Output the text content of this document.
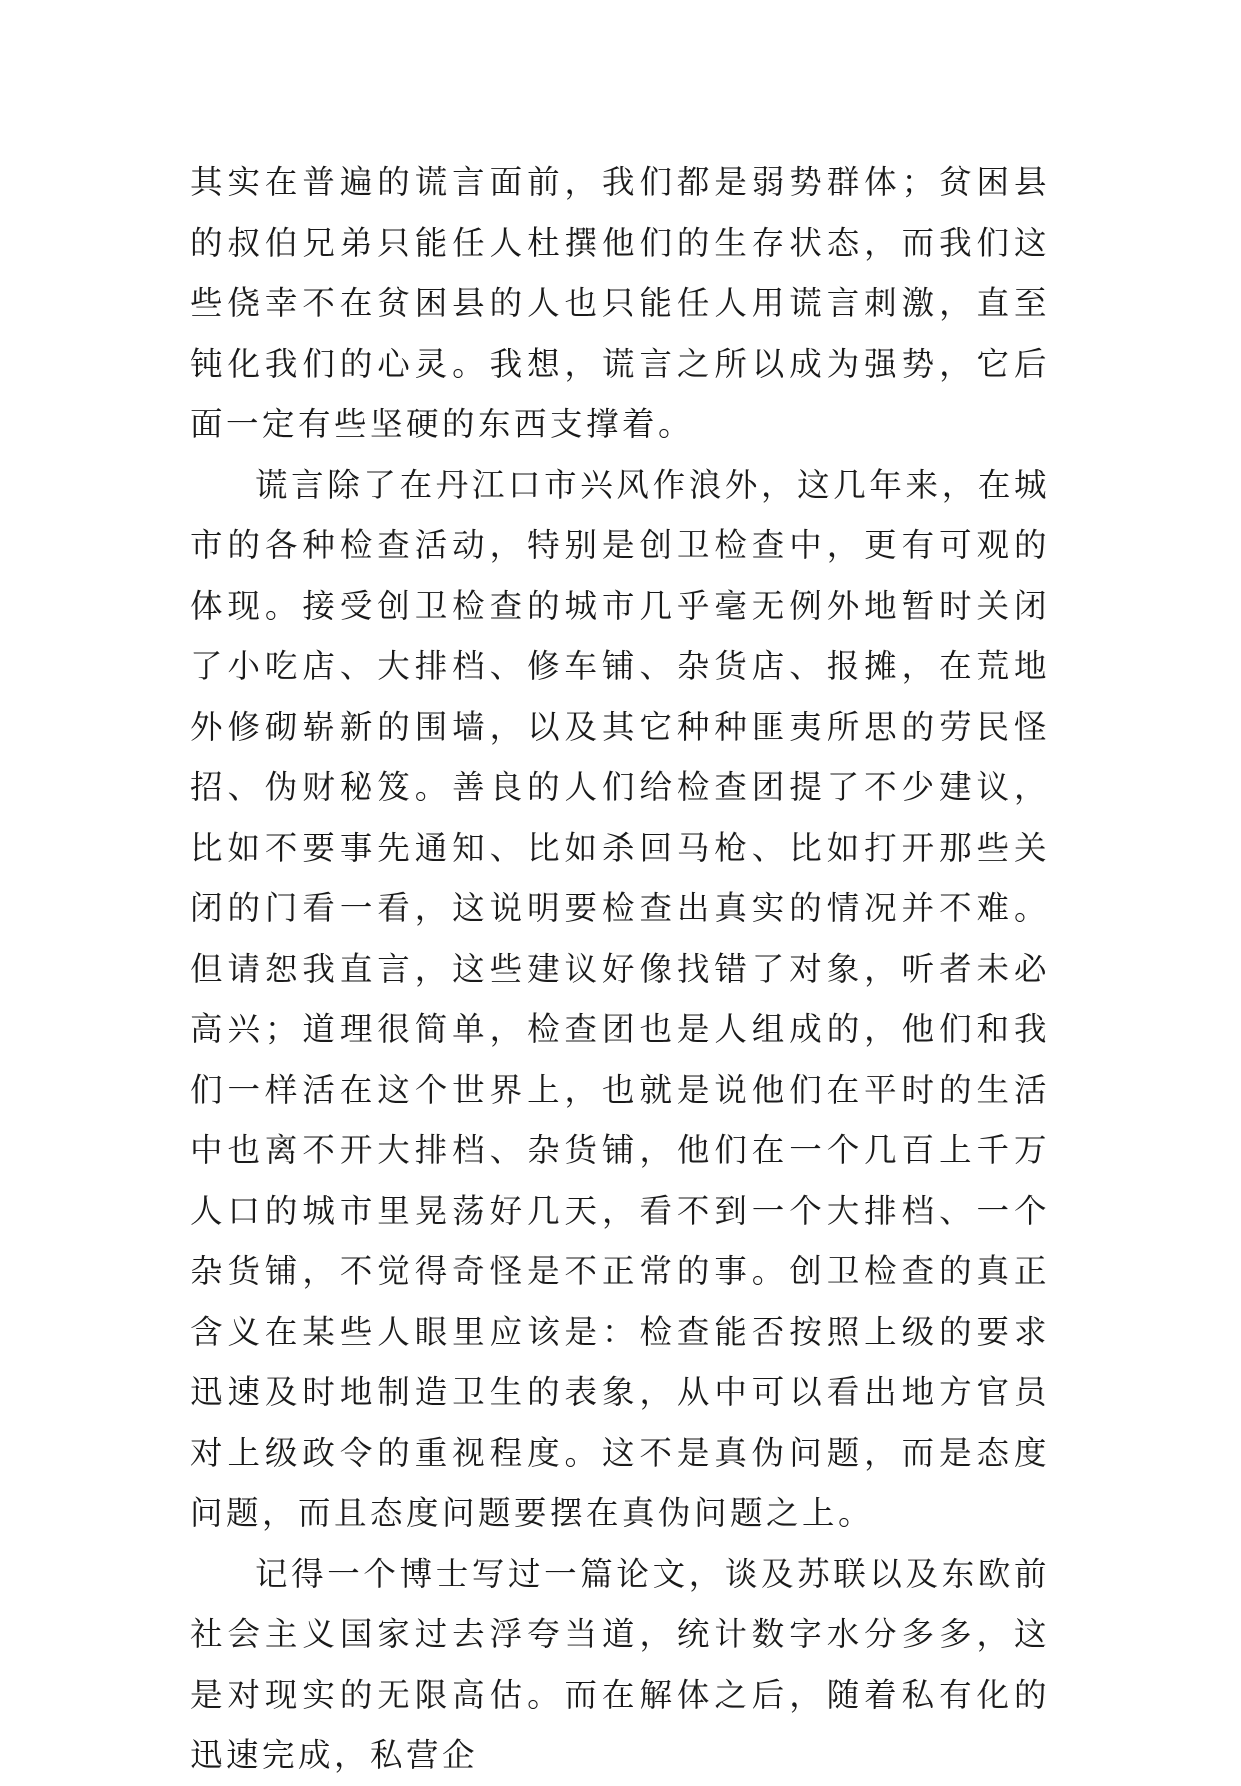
其实在普遍的谎言面前，我们都是弱势群体；贫困县的叔伯兄弟只能任人杜撰他们的生存状态，而我们这些侥幸不在贫困县的人也只能任人用谎言刺激，直至钝化我们的心灵。我想，谎言之所以成为强势，它后面一定有些坚硬的东西支撑着。

谎言除了在丹江口市兴风作浪外，这几年来，在城市的各种检查活动，特别是创卫检查中，更有可观的体现。接受创卫检查的城市几乎毫无例外地暂时关闭了小吃店、大排档、修车铺、杂货店、报摊，在荒地外修砌崭新的围墙，以及其它种种匪夷所思的劳民怪招、伪财秘笈。善良的人们给检查团提了不少建议，比如不要事先通知、比如杀回马枪、比如打开那些关闭的门看一看，这说明要检查出真实的情况并不难。但请恕我直言，这些建议好像找错了对象，听者未必高兴；道理很简单，检查团也是人组成的，他们和我们一样活在这个世界上，也就是说他们在平时的生活中也离不开大排档、杂货铺，他们在一个几百上千万人口的城市里晃荡好几天，看不到一个大排档、一个杂货铺，不觉得奇怪是不正常的事。创卫检查的真正含义在某些人眼里应该是：检查能否按照上级的要求迅速及时地制造卫生的表象，从中可以看出地方官员对上级政令的重视程度。这不是真伪问题，而是态度问题，而且态度问题要摆在真伪问题之上。

记得一个博士写过一篇论文，谈及苏联以及东欧前社会主义国家过去浮夸当道，统计数字水分多多，这是对现实的无限高估。而在解体之后，随着私有化的迅速完成，私营企
